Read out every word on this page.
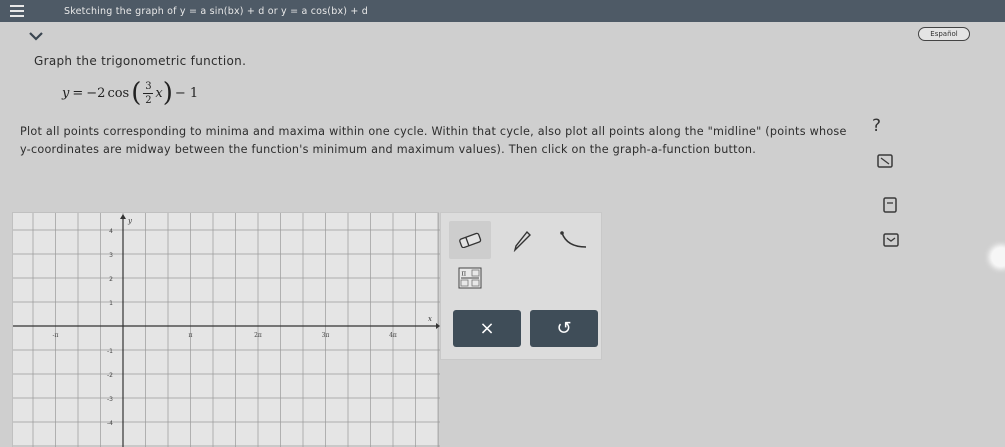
Sketching the graph of y = a sin(bx) + d or y = a cos(bx) + d
Español
Graph the trigonometric function.
y = −2 cos ( $\frac{3}{2}$ x ) − 1
Plot all points corresponding to minima and maxima within one cycle. Within that cycle, also plot all points along the "midline" (points whose
y-coordinates are midway between the function's minimum and maximum values). Then click on the graph-a-function button.
?
4
3
2
1
-1
-2
-3
-4
π	2π	3π	4π
-π
x
y
π
×	↺
